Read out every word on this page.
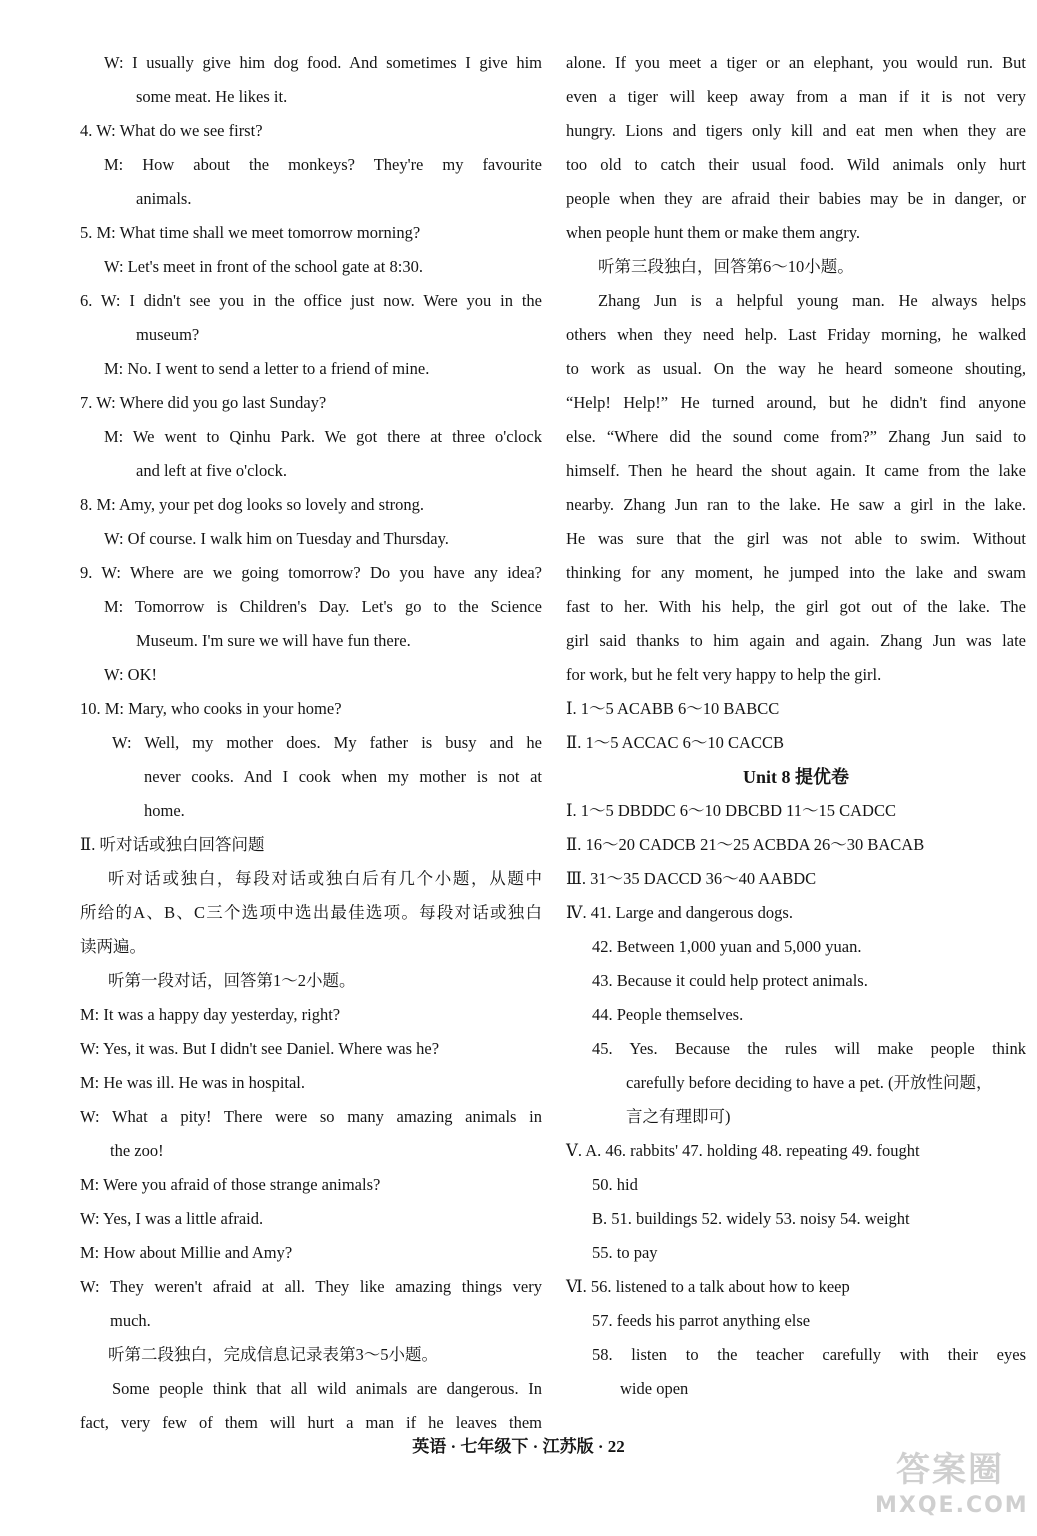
W: I usually give him dog food. And sometimes I give him
some meat. He likes it.
4. W: What do we see first?
M: How about the monkeys? They're my favourite
animals.
5. M: What time shall we meet tomorrow morning?
W: Let's meet in front of the school gate at 8:30.
6. W: I didn't see you in the office just now. Were you in the
museum?
M: No. I went to send a letter to a friend of mine.
7. W: Where did you go last Sunday?
M: We went to Qinhu Park. We got there at three o'clock
and left at five o'clock.
8. M: Amy, your pet dog looks so lovely and strong.
W: Of course. I walk him on Tuesday and Thursday.
9. W: Where are we going tomorrow? Do you have any idea?
M: Tomorrow is Children's Day. Let's go to the Science
Museum. I'm sure we will have fun there.
W: OK!
10. M: Mary, who cooks in your home?
W: Well, my mother does. My father is busy and he
never cooks. And I cook when my mother is not at
home.
Ⅱ. 听对话或独白回答问题
听对话或独白，每段对话或独白后有几个小题，从题中
所给的A、B、C三个选项中选出最佳选项。每段对话或独白
读两遍。
听第一段对话，回答第1～2小题。
M: It was a happy day yesterday, right?
W: Yes, it was. But I didn't see Daniel. Where was he?
M: He was ill. He was in hospital.
W: What a pity! There were so many amazing animals in
the zoo!
M: Were you afraid of those strange animals?
W: Yes, I was a little afraid.
M: How about Millie and Amy?
W: They weren't afraid at all. They like amazing things very
much.
听第二段独白，完成信息记录表第3～5小题。
Some people think that all wild animals are dangerous. In
fact, very few of them will hurt a man if he leaves them
alone. If you meet a tiger or an elephant, you would run. But
even a tiger will keep away from a man if it is not very
hungry. Lions and tigers only kill and eat men when they are
too old to catch their usual food. Wild animals only hurt
people when they are afraid their babies may be in danger, or
when people hunt them or make them angry.
听第三段独白，回答第6～10小题。
Zhang Jun is a helpful young man. He always helps
others when they need help. Last Friday morning, he walked
to work as usual. On the way he heard someone shouting,
“Help! Help!” He turned around, but he didn't find anyone
else. “Where did the sound come from?” Zhang Jun said to
himself. Then he heard the shout again. It came from the lake
nearby. Zhang Jun ran to the lake. He saw a girl in the lake.
He was sure that the girl was not able to swim. Without
thinking for any moment, he jumped into the lake and swam
fast to her. With his help, the girl got out of the lake. The
girl said thanks to him again and again. Zhang Jun was late
for work, but he felt very happy to help the girl.
Ⅰ. 1～5 ACABB 6～10 BABCC
Ⅱ. 1～5 ACCAC 6～10 CACCB
Unit 8 提优卷
Ⅰ. 1～5 DBDDC 6～10 DBCBD 11～15 CADCC
Ⅱ. 16～20 CADCB 21～25 ACBDA 26～30 BACAB
Ⅲ. 31～35 DACCD 36～40 AABDC
Ⅳ. 41. Large and dangerous dogs.
42. Between 1,000 yuan and 5,000 yuan.
43. Because it could help protect animals.
44. People themselves.
45. Yes. Because the rules will make people think
carefully before deciding to have a pet. (开放性问题，
言之有理即可)
Ⅴ. A. 46. rabbits' 47. holding 48. repeating 49. fought
50. hid
B. 51. buildings 52. widely 53. noisy 54. weight
55. to pay
Ⅵ. 56. listened to a talk about how to keep
57. feeds his parrot anything else
58. listen to the teacher carefully with their eyes
wide open
英语 · 七年级下 · 江苏版 · 22
答案圈
MXQE.COM
